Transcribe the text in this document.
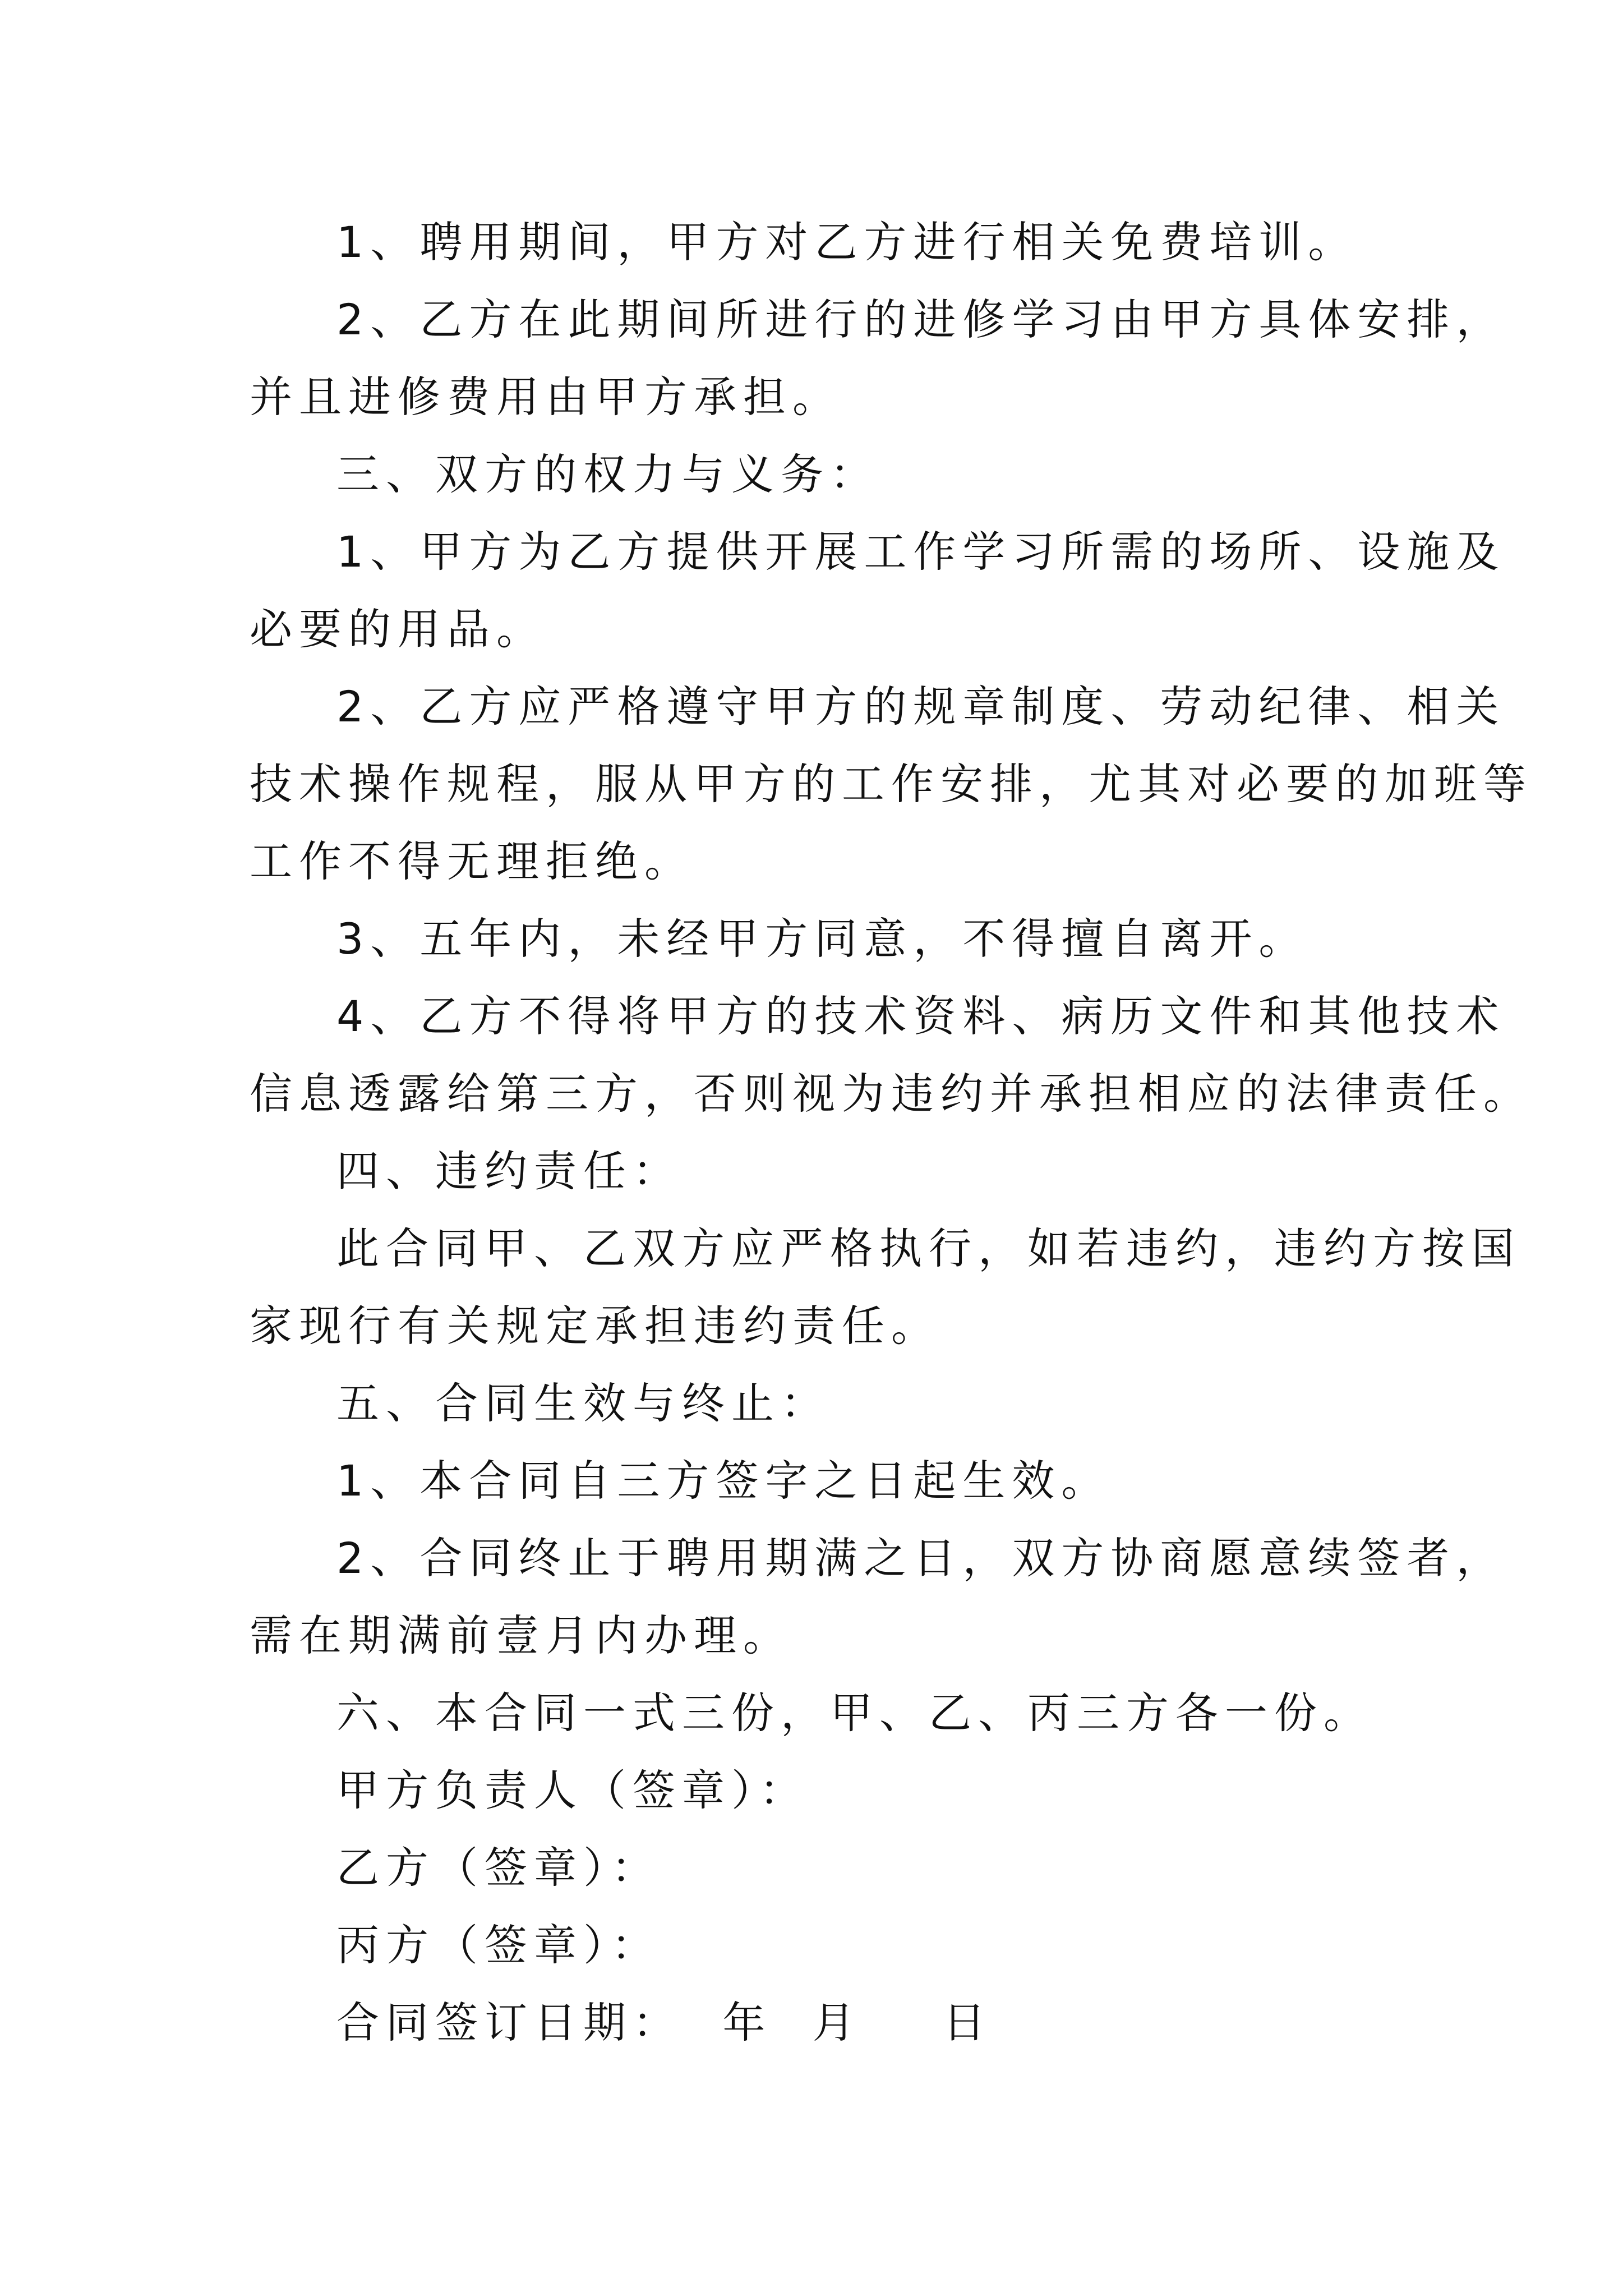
1、聘用期间，甲方对乙方进行相关免费培训。
2、乙方在此期间所进行的进修学习由甲方具体安排，
并且进修费用由甲方承担。
三、双方的权力与义务：
1、甲方为乙方提供开展工作学习所需的场所、设施及
必要的用品。
2、乙方应严格遵守甲方的规章制度、劳动纪律、相关
技术操作规程，服从甲方的工作安排，尤其对必要的加班等
工作不得无理拒绝。
3、五年内，未经甲方同意，不得擅自离开。
4、乙方不得将甲方的技术资料、病历文件和其他技术
信息透露给第三方，否则视为违约并承担相应的法律责任。
四、违约责任：
此合同甲、乙双方应严格执行，如若违约，违约方按国
家现行有关规定承担违约责任。
五、合同生效与终止：
1、本合同自三方签字之日起生效。
2、合同终止于聘用期满之日，双方协商愿意续签者，
需在期满前壹月内办理。
六、本合同一式三份，甲、乙、丙三方各一份。
甲方负责人（签章）：
乙方（签章）：
丙方（签章）：
合同签订日期：  年  月    日
